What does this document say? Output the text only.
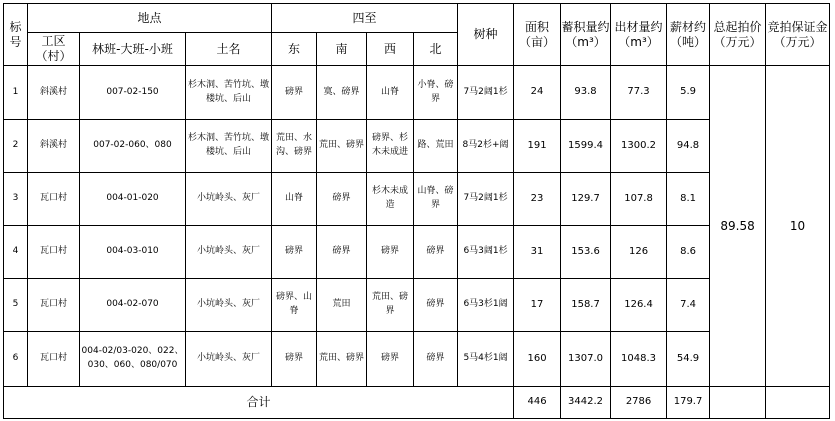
标号	地点			四至				树种	面积（亩）	蓄积量约（m³）	出材量约（m³）	薪材约（吨）	总起拍价（万元）	竞拍保证金（万元）

	工区（村）	林班-大班-小班	土名	东	南	西	北							
1	斜溪村	007-02-150	杉木洞、苦竹坑、墩楼坑、后山	磅界	寞、磅界	山脊	小脊、磅界	7马2阔1杉	24	93.8	77.3	5.9	89.58	10
2	斜溪村	007-02-060、080	杉木洞、苦竹坑、墩楼坑、后山	荒田、水沟、磅界	荒田、磅界	磅界、杉木未成进	路、荒田	8马2杉+阔	191	1599.4	1300.2	94.8		
3	瓦口村	004-01-020	小坑岭头、灰厂	山脊	磅界	杉木未成造	山脊、磅界	7马2阔1杉	23	129.7	107.8	8.1		
4	瓦口村	004-03-010	小坑岭头、灰厂	磅界	磅界	磅界	磅界	6马3阔1杉	31	153.6	126	8.6		
5	瓦口村	004-02-070	小坑岭头、灰厂	磅界、山脊	荒田	荒田、磅界	磅界	6马3杉1阔	17	158.7	126.4	7.4		
6	瓦口村	004-02/03-020、022、030、060、080/070	小坑岭头、灰厂	磅界	荒田、磅界	磅界	磅界	5马4杉1阔	160	1307.0	1048.3	54.9		
合计									446	3442.2	2786	179.7		
